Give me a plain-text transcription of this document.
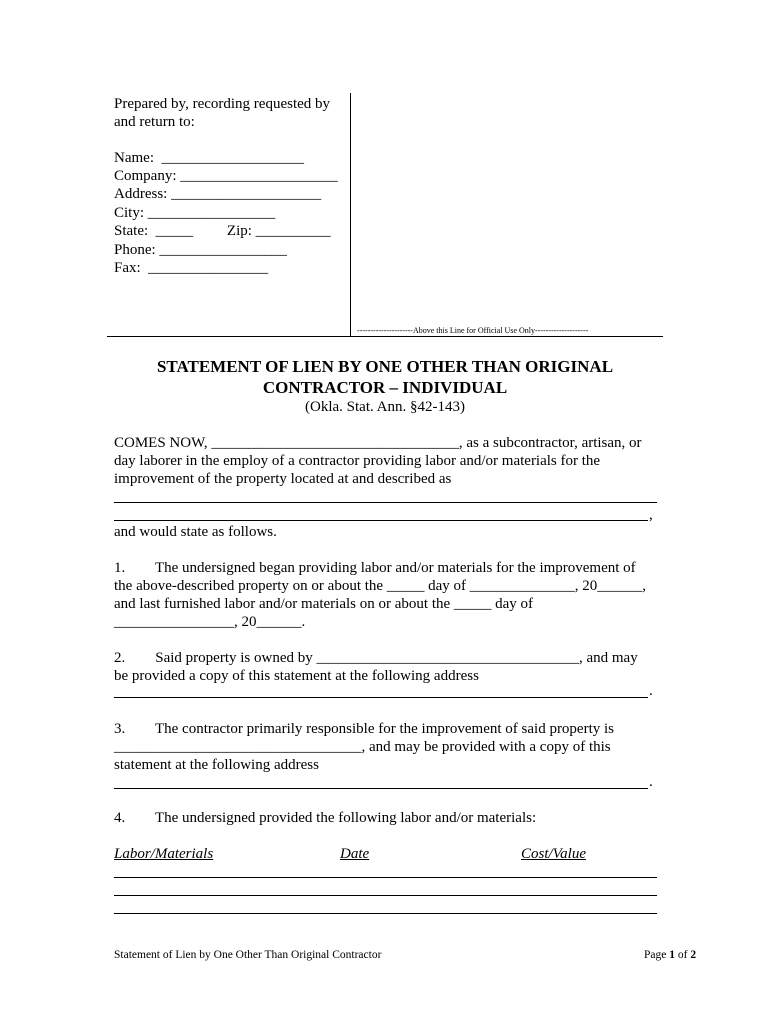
Prepared by, recording requested by
and return to:
Name:  ___________________
Company: _____________________
Address: ____________________
City: _________________
State:  _____         Zip: __________
Phone: _________________
Fax:  ________________
---------------------Above this Line for Official Use Only--------------------
STATEMENT OF LIEN BY ONE OTHER THAN ORIGINAL
CONTRACTOR – INDIVIDUAL
(Okla. Stat. Ann. §42-143)
COMES NOW, _________________________________, as a subcontractor, artisan, or
day laborer in the employ of a contractor providing labor and/or materials for the
improvement of the property located at and described as
,
and would state as follows.
1.        The undersigned began providing labor and/or materials for the improvement of
the above-described property on or about the _____ day of ______________, 20______,
and last furnished labor and/or materials on or about the _____ day of
________________, 20______.
2.        Said property is owned by ___________________________________, and may
be provided a copy of this statement at the following address
.
3.        The contractor primarily responsible for the improvement of said property is
_________________________________, and may be provided with a copy of this
statement at the following address
.
4.        The undersigned provided the following labor and/or materials:
Labor/Materials	Date	Cost/Value
Statement of Lien by One Other Than Original Contractor	Page 1 of 2
